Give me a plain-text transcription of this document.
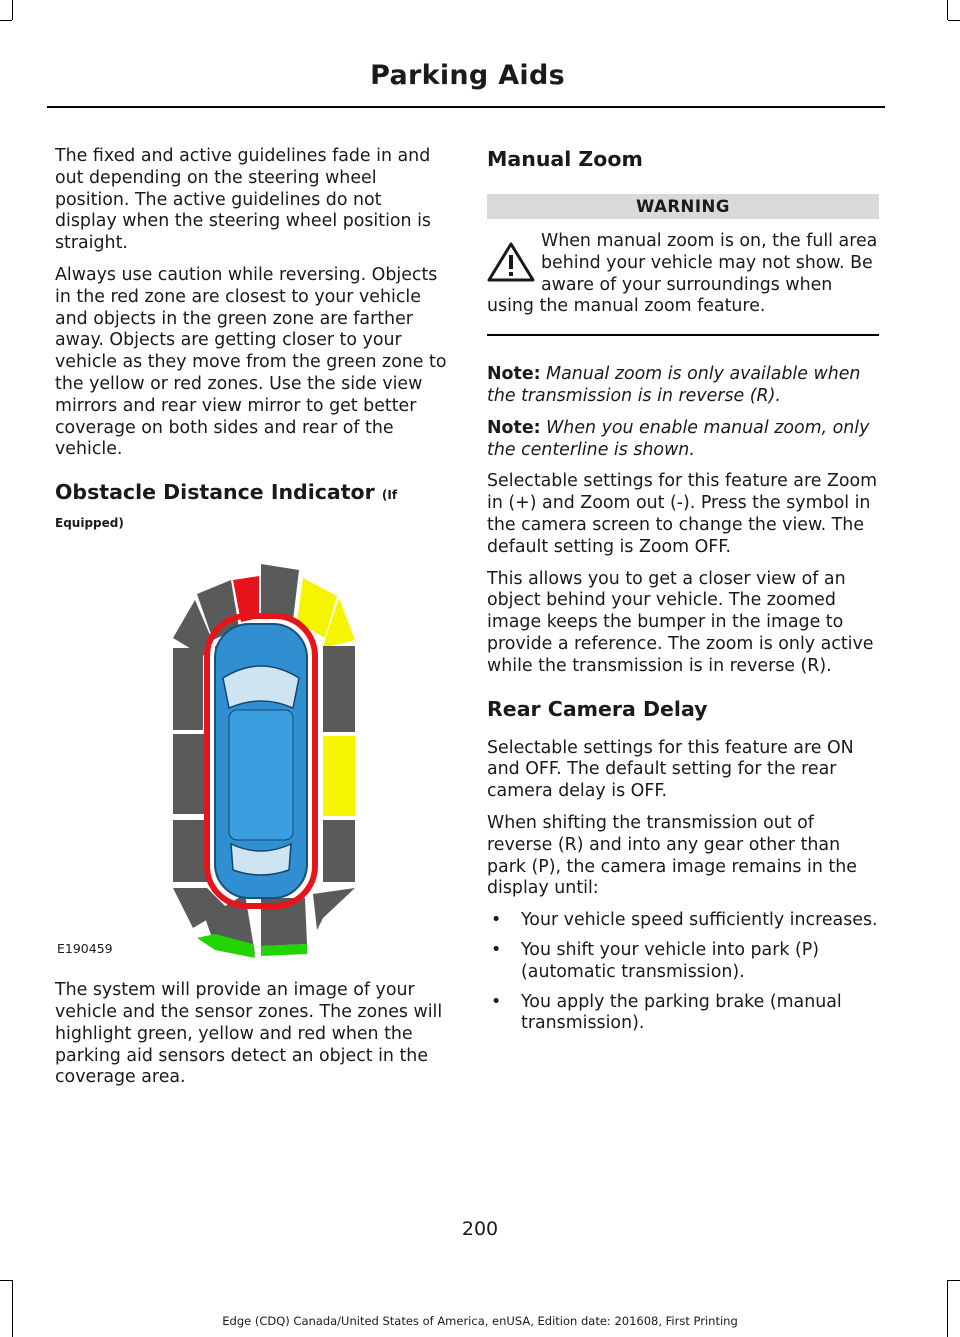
Parking Aids

The fixed and active guidelines fade in and out depending on the steering wheel position. The active guidelines do not display when the steering wheel position is straight.

Always use caution while reversing. Objects in the red zone are closest to your vehicle and objects in the green zone are farther away. Objects are getting closer to your vehicle as they move from the green zone to the yellow or red zones. Use the side view mirrors and rear view mirror to get better coverage on both sides and rear of the vehicle.

Obstacle Distance Indicator (If
Equipped)
E190459

The system will provide an image of your vehicle and the sensor zones. The zones will highlight green, yellow and red when the parking aid sensors detect an object in the coverage area.

Manual Zoom
WARNING
When manual zoom is on, the full area behind your vehicle may not show. Be aware of your surroundings when using the manual zoom feature.

Note: Manual zoom is only available when the transmission is in reverse (R).

Note: When you enable manual zoom, only the centerline is shown.

Selectable settings for this feature are Zoom in (+) and Zoom out (-). Press the symbol in the camera screen to change the view. The default setting is Zoom OFF.

This allows you to get a closer view of an object behind your vehicle. The zoomed image keeps the bumper in the image to provide a reference. The zoom is only active while the transmission is in reverse (R).

Rear Camera Delay

Selectable settings for this feature are ON and OFF. The default setting for the rear camera delay is OFF.

When shifting the transmission out of reverse (R) and into any gear other than park (P), the camera image remains in the display until:

• Your vehicle speed sufficiently increases.
• You shift your vehicle into park (P) (automatic transmission).
• You apply the parking brake (manual transmission).
200
Edge (CDQ) Canada/United States of America, enUSA, Edition date: 201608, First Printing
